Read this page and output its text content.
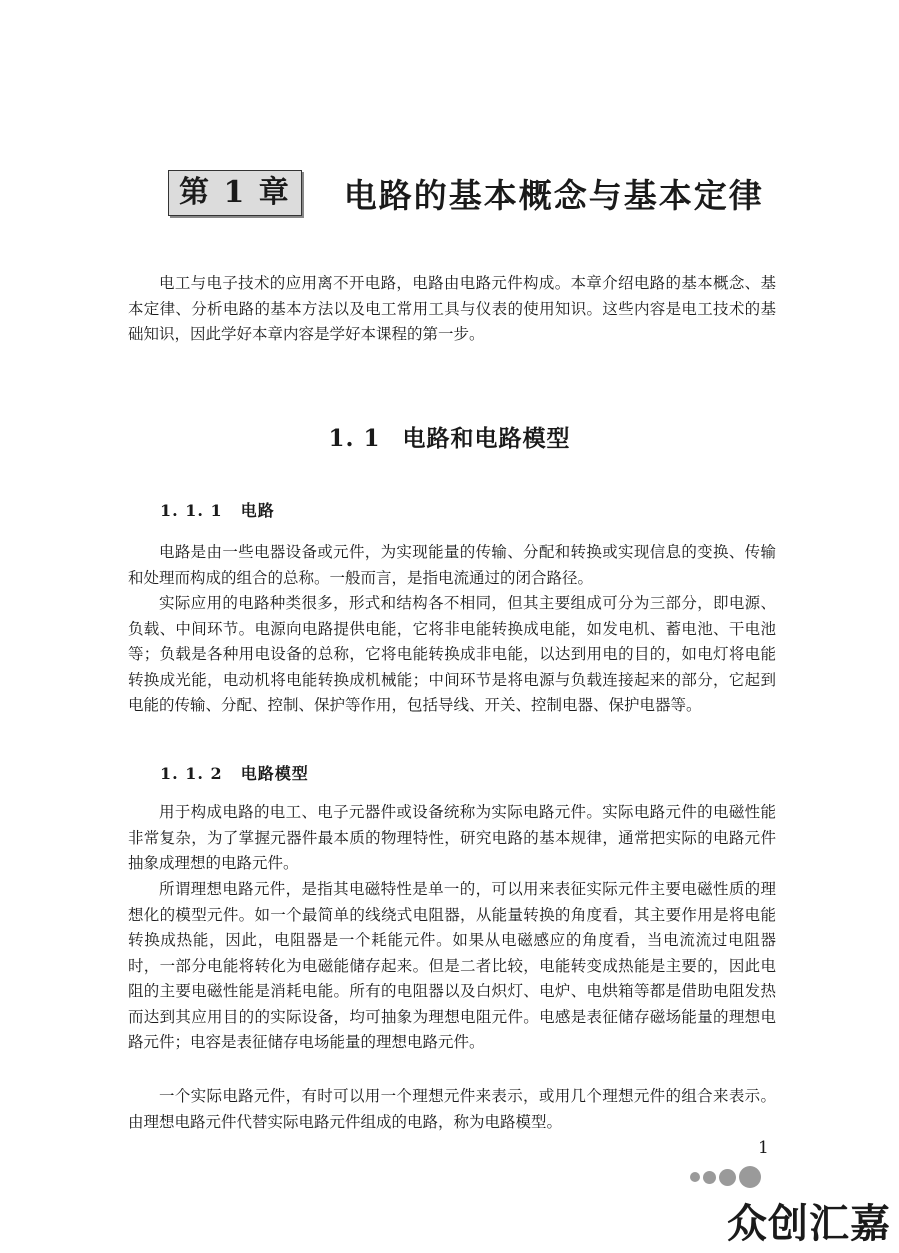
第 1 章	电路的基本概念与基本定律

电工与电子技术的应用离不开电路，电路由电路元件构成。本章介绍电路的基本概念、基本定律、分析电路的基本方法以及电工常用工具与仪表的使用知识。这些内容是电工技术的基础知识，因此学好本章内容是学好本课程的第一步。

1. 1 电路和电路模型
1. 1. 1 电路

电路是由一些电器设备或元件，为实现能量的传输、分配和转换或实现信息的变换、传输和处理而构成的组合的总称。一般而言，是指电流通过的闭合路径。

实际应用的电路种类很多，形式和结构各不相同，但其主要组成可分为三部分，即电源、负载、中间环节。电源向电路提供电能，它将非电能转换成电能，如发电机、蓄电池、干电池等；负载是各种用电设备的总称，它将电能转换成非电能，以达到用电的目的，如电灯将电能转换成光能，电动机将电能转换成机械能；中间环节是将电源与负载连接起来的部分，它起到电能的传输、分配、控制、保护等作用，包括导线、开关、控制电器、保护电器等。

1. 1. 2 电路模型

用于构成电路的电工、电子元器件或设备统称为实际电路元件。实际电路元件的电磁性能非常复杂，为了掌握元器件最本质的物理特性，研究电路的基本规律，通常把实际的电路元件抽象成理想的电路元件。

所谓理想电路元件，是指其电磁特性是单一的，可以用来表征实际元件主要电磁性质的理想化的模型元件。如一个最简单的线绕式电阻器，从能量转换的角度看，其主要作用是将电能转换成热能，因此，电阻器是一个耗能元件。如果从电磁感应的角度看，当电流流过电阻器时，一部分电能将转化为电磁能储存起来。但是二者比较，电能转变成热能是主要的，因此电阻的主要电磁性能是消耗电能。所有的电阻器以及白炽灯、电炉、电烘箱等都是借助电阻发热而达到其应用目的的实际设备，均可抽象为理想电阻元件。电感是表征储存磁场能量的理想电路元件；电容是表征储存电场能量的理想电路元件。

一个实际电路元件，有时可以用一个理想元件来表示，或用几个理想元件的组合来表示。由理想电路元件代替实际电路元件组成的电路，称为电路模型。

1
众创汇嘉
